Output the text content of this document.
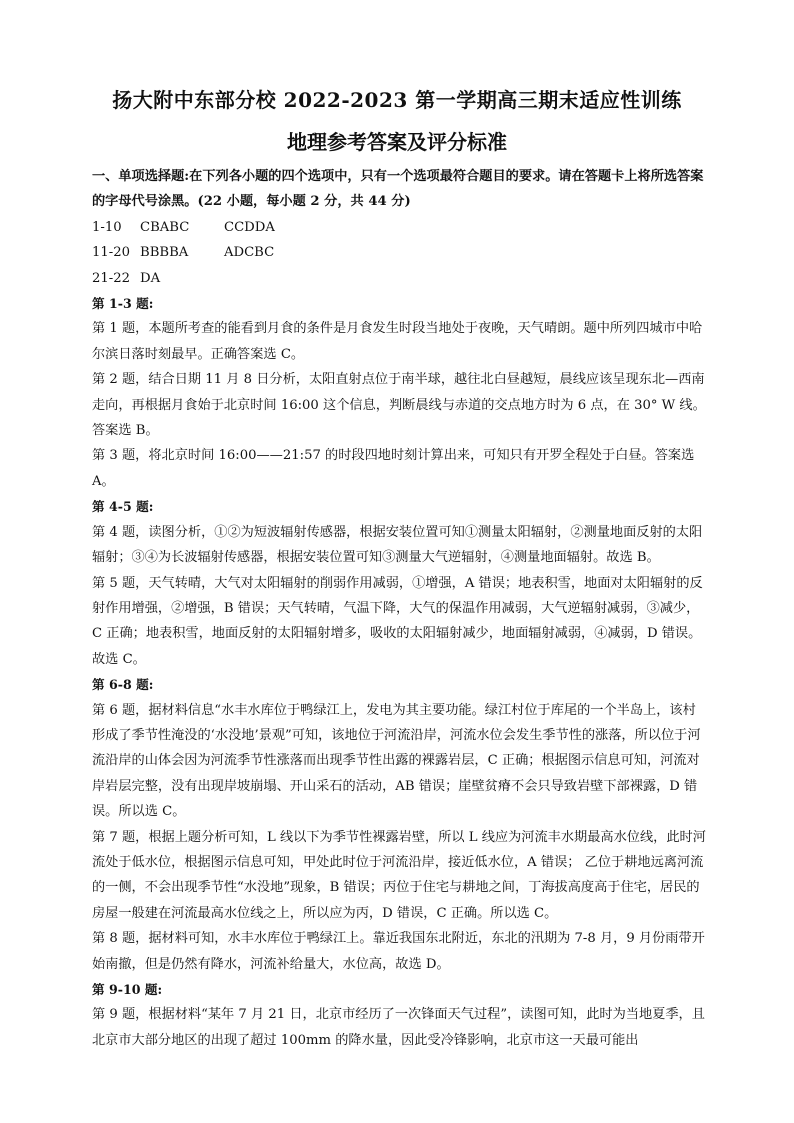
扬大附中东部分校 2022-2023 第一学期高三期末适应性训练
地理参考答案及评分标准

一、单项选择题:在下列各小题的四个选项中，只有一个选项最符合题目的要求。请在答题卡上将所选答案的字母代号涂黑。(22 小题，每小题 2 分，共 44 分)

1-10 CBABC	CCDDA

11-20 BBBBA	ADCBC

21-22 DA

第 1-3 题:

第 1 题，本题所考查的能看到月食的条件是月食发生时段当地处于夜晚，天气晴朗。题中所列四城市中哈尔滨日落时刻最早。正确答案选 C。

第 2 题，结合日期 11 月 8 日分析，太阳直射点位于南半球，越往北白昼越短，晨线应该呈现东北—西南走向，再根据月食始于北京时间 16:00 这个信息，判断晨线与赤道的交点地方时为 6 点，在 30° W 线。答案选 B。

第 3 题，将北京时间 16:00——21:57 的时段四地时刻计算出来，可知只有开罗全程处于白昼。答案选 A。

第 4-5 题:

第 4 题，读图分析，①②为短波辐射传感器，根据安装位置可知①测量太阳辐射，②测量地面反射的太阳辐射；③④为长波辐射传感器，根据安装位置可知③测量大气逆辐射，④测量地面辐射。故选 B。

第 5 题，天气转晴，大气对太阳辐射的削弱作用减弱，①增强，A 错误；地表积雪，地面对太阳辐射的反射作用增强，②增强，B 错误；天气转晴，气温下降，大气的保温作用减弱，大气逆辐射减弱，③减少，C 正确；地表积雪，地面反射的太阳辐射增多，吸收的太阳辐射减少，地面辐射减弱，④减弱，D 错误。故选 C。

第 6-8 题:

第 6 题，据材料信息“水丰水库位于鸭绿江上，发电为其主要功能。绿江村位于库尾的一个半岛上，该村形成了季节性淹没的‘水没地’景观”可知，该地位于河流沿岸，河流水位会发生季节性的涨落，所以位于河流沿岸的山体会因为河流季节性涨落而出现季节性出露的裸露岩层，C 正确；根据图示信息可知，河流对岸岩层完整，没有出现岸坡崩塌、开山采石的活动，AB 错误；崖壁贫瘠不会只导致岩壁下部裸露，D 错误。所以选 C。

第 7 题，根据上题分析可知，L 线以下为季节性裸露岩壁，所以 L 线应为河流丰水期最高水位线，此时河流处于低水位，根据图示信息可知，甲处此时位于河流沿岸，接近低水位，A 错误； 乙位于耕地远离河流的一侧，不会出现季节性“水没地”现象，B 错误；丙位于住宅与耕地之间，丁海拔高度高于住宅，居民的房屋一般建在河流最高水位线之上，所以应为丙，D 错误，C 正确。所以选 C。

第 8 题，据材料可知，水丰水库位于鸭绿江上。靠近我国东北附近，东北的汛期为 7-8 月，9 月份雨带开始南撤，但是仍然有降水，河流补给量大，水位高，故选 D。

第 9-10 题:

第 9 题，根据材料“某年 7 月 21 日，北京市经历了一次锋面天气过程”，读图可知，此时为当地夏季，且北京市大部分地区的出现了超过 100mm 的降水量，因此受冷锋影响，北京市这一天最可能出
